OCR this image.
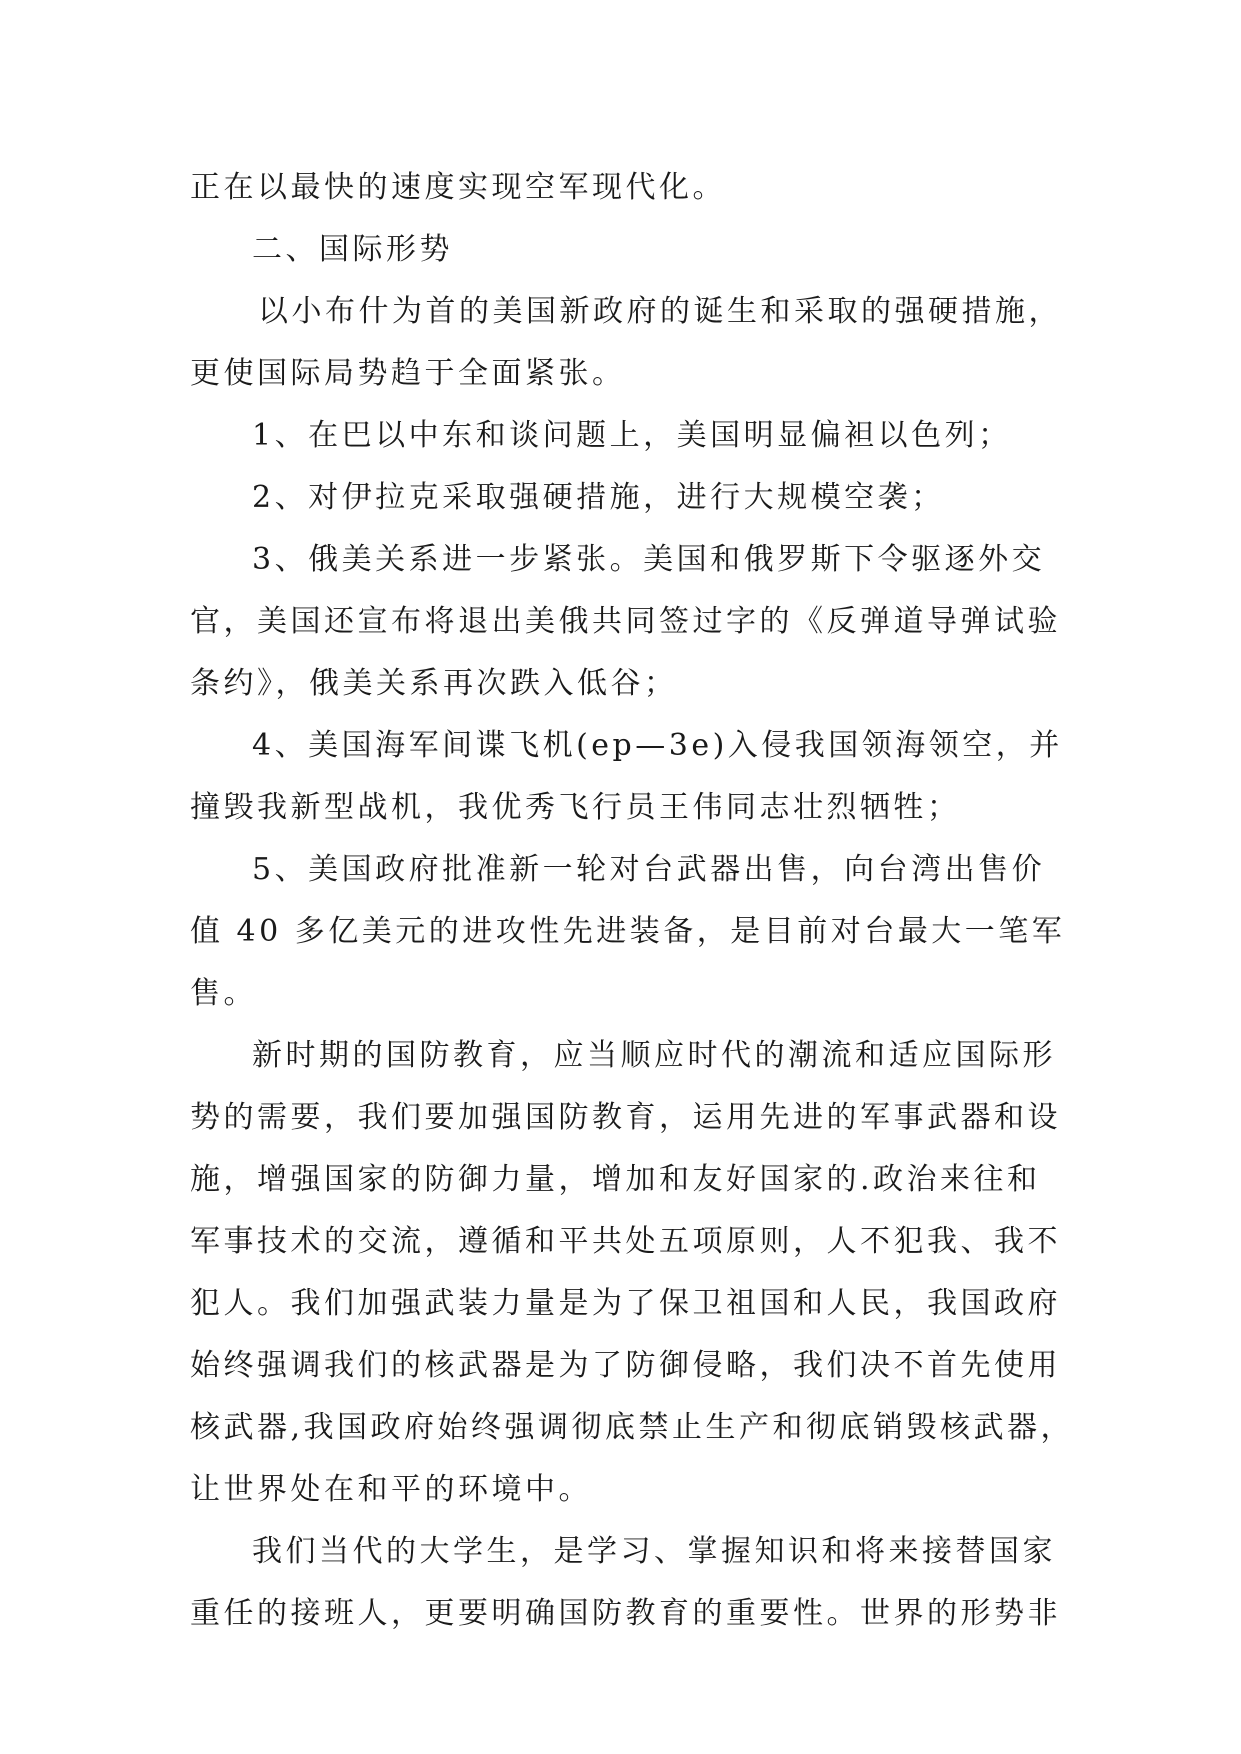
正在以最快的速度实现空军现代化。
二、国际形势
以小布什为首的美国新政府的诞生和采取的强硬措施，
更使国际局势趋于全面紧张。
1、在巴以中东和谈问题上，美国明显偏袒以色列；
2、对伊拉克采取强硬措施，进行大规模空袭；
3、俄美关系进一步紧张。美国和俄罗斯下令驱逐外交
官，美国还宣布将退出美俄共同签过字的《反弹道导弹试验
条约》，俄美关系再次跌入低谷；
4、美国海军间谍飞机(ep—3e)入侵我国领海领空，并
撞毁我新型战机，我优秀飞行员王伟同志壮烈牺牲；
5、美国政府批准新一轮对台武器出售，向台湾出售价
值 40 多亿美元的进攻性先进装备，是目前对台最大一笔军
售。
新时期的国防教育，应当顺应时代的潮流和适应国际形
势的需要，我们要加强国防教育，运用先进的军事武器和设
施，增强国家的防御力量，增加和友好国家的.政治来往和
军事技术的交流，遵循和平共处五项原则，人不犯我、我不
犯人。我们加强武装力量是为了保卫祖国和人民，我国政府
始终强调我们的核武器是为了防御侵略，我们决不首先使用
核武器,我国政府始终强调彻底禁止生产和彻底销毁核武器，
让世界处在和平的环境中。
我们当代的大学生，是学习、掌握知识和将来接替国家
重任的接班人，更要明确国防教育的重要性。世界的形势非
